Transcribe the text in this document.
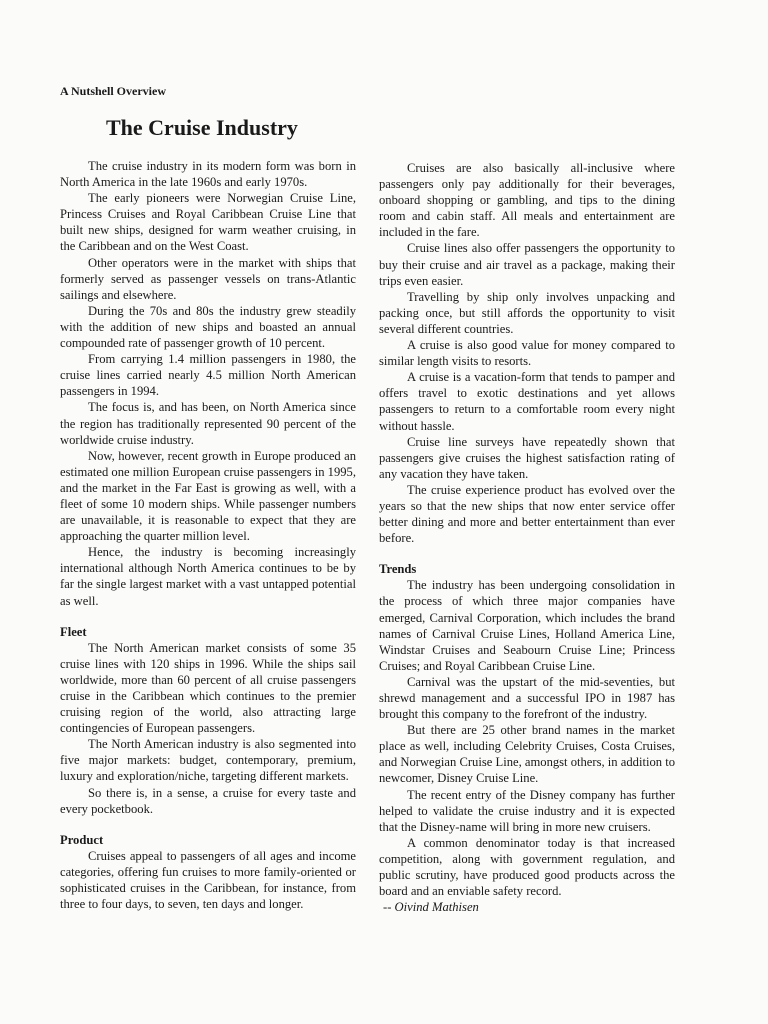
A Nutshell Overview

The Cruise Industry

The cruise industry in its modern form was born in North America in the late 1960s and early 1970s.

The early pioneers were Norwegian Cruise Line, Princess Cruises and Royal Caribbean Cruise Line that built new ships, designed for warm weather cruising, in the Caribbean and on the West Coast.

Other operators were in the market with ships that formerly served as passenger vessels on trans-Atlantic sailings and elsewhere.

During the 70s and 80s the industry grew steadily with the addition of new ships and boasted an annual compounded rate of passenger growth of 10 percent.

From carrying 1.4 million passengers in 1980, the cruise lines carried nearly 4.5 million North American passengers in 1994.

The focus is, and has been, on North America since the region has traditionally represented 90 percent of the worldwide cruise industry.

Now, however, recent growth in Europe produced an estimated one million European cruise passengers in 1995, and the market in the Far East is growing as well, with a fleet of some 10 modern ships. While passenger numbers are unavailable, it is reasonable to expect that they are approaching the quarter million level.

Hence, the industry is becoming increasingly international although North America continues to be by far the single largest market with a vast untapped potential as well.

Fleet

The North American market consists of some 35 cruise lines with 120 ships in 1996. While the ships sail worldwide, more than 60 percent of all cruise passengers cruise in the Caribbean which continues to the premier cruising region of the world, also attracting large contingencies of European passengers.

The North American industry is also segmented into five major markets: budget, contemporary, premium, luxury and exploration/niche, targeting different markets.

So there is, in a sense, a cruise for every taste and every pocketbook.

Product

Cruises appeal to passengers of all ages and income categories, offering fun cruises to more family-oriented or sophisticated cruises in the Caribbean, for instance, from three to four days, to seven, ten days and longer.

Cruises are also basically all-inclusive where passengers only pay additionally for their beverages, onboard shopping or gambling, and tips to the dining room and cabin staff. All meals and entertainment are included in the fare.

Cruise lines also offer passengers the opportunity to buy their cruise and air travel as a package, making their trips even easier.

Travelling by ship only involves unpacking and packing once, but still affords the opportunity to visit several different countries.

A cruise is also good value for money compared to similar length visits to resorts.

A cruise is a vacation-form that tends to pamper and offers travel to exotic destinations and yet allows passengers to return to a comfortable room every night without hassle.

Cruise line surveys have repeatedly shown that passengers give cruises the highest satisfaction rating of any vacation they have taken.

The cruise experience product has evolved over the years so that the new ships that now enter service offer better dining and more and better entertainment than ever before.

Trends

The industry has been undergoing consolidation in the process of which three major companies have emerged, Carnival Corporation, which includes the brand names of Carnival Cruise Lines, Holland America Line, Windstar Cruises and Seabourn Cruise Line; Princess Cruises; and Royal Caribbean Cruise Line.

Carnival was the upstart of the mid-seventies, but shrewd management and a successful IPO in 1987 has brought this company to the forefront of the industry.

But there are 25 other brand names in the market place as well, including Celebrity Cruises, Costa Cruises, and Norwegian Cruise Line, amongst others, in addition to newcomer, Disney Cruise Line.

The recent entry of the Disney company has further helped to validate the cruise industry and it is expected that the Disney-name will bring in more new cruisers.

A common denominator today is that increased competition, along with government regulation, and public scrutiny, have produced good products across the board and an enviable safety record.

-- Oivind Mathisen
